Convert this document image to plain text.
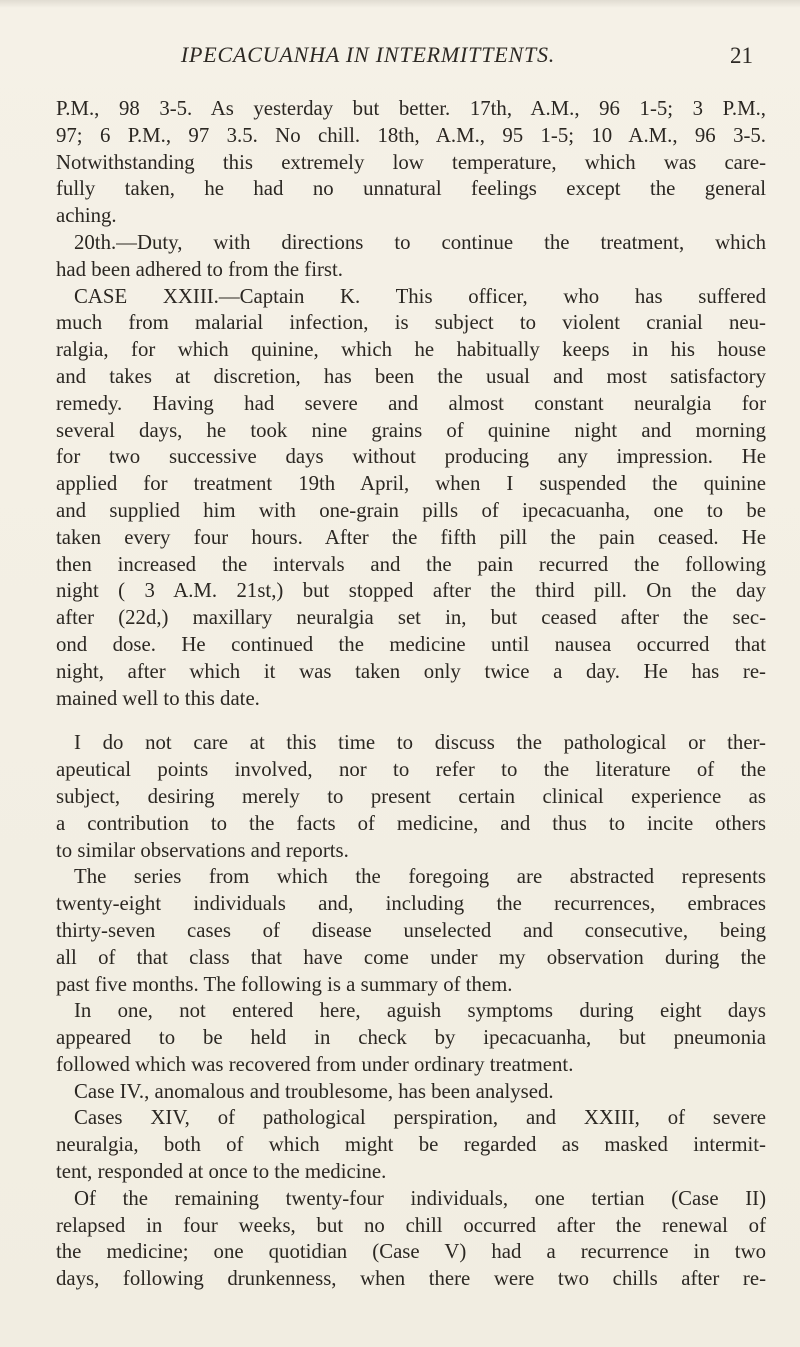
IPECACUANHA IN INTERMITTENTS.	21
P.M., 98 3-5. As yesterday but better. 17th, A.M., 96 1-5; 3 P.M.,
97; 6 P.M., 97 3.5. No chill. 18th, A.M., 95 1-5; 10 A.M., 96 3-5.
Notwithstanding this extremely low temperature, which was care-
fully taken, he had no unnatural feelings except the general
aching.
20th.—Duty, with directions to continue the treatment, which
had been adhered to from the first.
CASE XXIII.—Captain K. This officer, who has suffered
much from malarial infection, is subject to violent cranial neu-
ralgia, for which quinine, which he habitually keeps in his house
and takes at discretion, has been the usual and most satisfactory
remedy. Having had severe and almost constant neuralgia for
several days, he took nine grains of quinine night and morning
for two successive days without producing any impression. He
applied for treatment 19th April, when I suspended the quinine
and supplied him with one-grain pills of ipecacuanha, one to be
taken every four hours. After the fifth pill the pain ceased. He
then increased the intervals and the pain recurred the following
night ( 3 A.M. 21st,) but stopped after the third pill. On the day
after (22d,) maxillary neuralgia set in, but ceased after the sec-
ond dose. He continued the medicine until nausea occurred that
night, after which it was taken only twice a day. He has re-
mained well to this date.
I do not care at this time to discuss the pathological or ther-
apeutical points involved, nor to refer to the literature of the
subject, desiring merely to present certain clinical experience as
a contribution to the facts of medicine, and thus to incite others
to similar observations and reports.
The series from which the foregoing are abstracted represents
twenty-eight individuals and, including the recurrences, embraces
thirty-seven cases of disease unselected and consecutive, being
all of that class that have come under my observation during the
past five months. The following is a summary of them.
In one, not entered here, aguish symptoms during eight days
appeared to be held in check by ipecacuanha, but pneumonia
followed which was recovered from under ordinary treatment.
Case IV., anomalous and troublesome, has been analysed.
Cases XIV, of pathological perspiration, and XXIII, of severe
neuralgia, both of which might be regarded as masked intermit-
tent, responded at once to the medicine.
Of the remaining twenty-four individuals, one tertian (Case II)
relapsed in four weeks, but no chill occurred after the renewal of
the medicine; one quotidian (Case V) had a recurrence in two
days, following drunkenness, when there were two chills after re-
